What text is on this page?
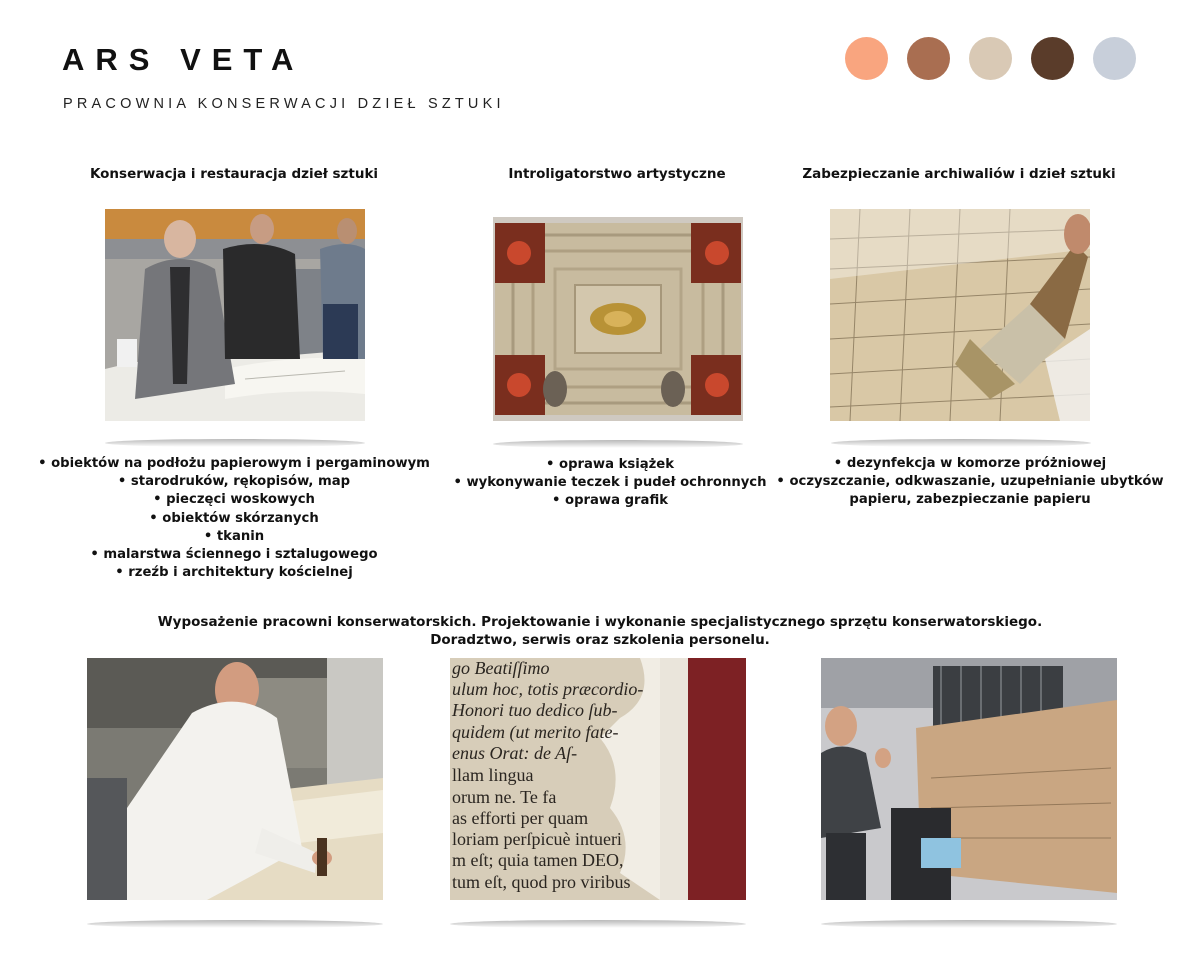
ARS VETA
PRACOWNIA KONSERWACJI DZIEŁ SZTUKI
Konserwacja i restauracja dzieł sztuki	Introligatorstwo artystyczne	Zabezpieczanie archiwaliów i dzieł sztuki
• obiektów na podłożu papierowym i pergaminowym
• starodruków, rękopisów, map
• pieczęci woskowych
• obiektów skórzanych
• tkanin
• malarstwa ściennego i sztalugowego
• rzeźb i architektury kościelnej
• oprawa książek
• wykonywanie teczek i pudeł ochronnych
• oprawa grafik
• dezynfekcja w komorze próżniowej
• oczyszczanie, odkwaszanie, uzupełnianie ubytków
papieru, zabezpieczanie papieru
Wyposażenie pracowni konserwatorskich. Projektowanie i wykonanie specjalistycznego sprzętu konserwatorskiego.
Doradztwo, serwis oraz szkolenia personelu.
go Beatiſſimo
ulum hoc, totis præcordio-
Honori tuo dedico ſub-
quidem (ut merito fate-
enus Orat: de Aſ-
llam lingua
orum ne. Te fa
as efforti per quam
loriam perſpicuè intueri
m eſt; quia tamen DEO,
tum eſt, quod pro viribus
